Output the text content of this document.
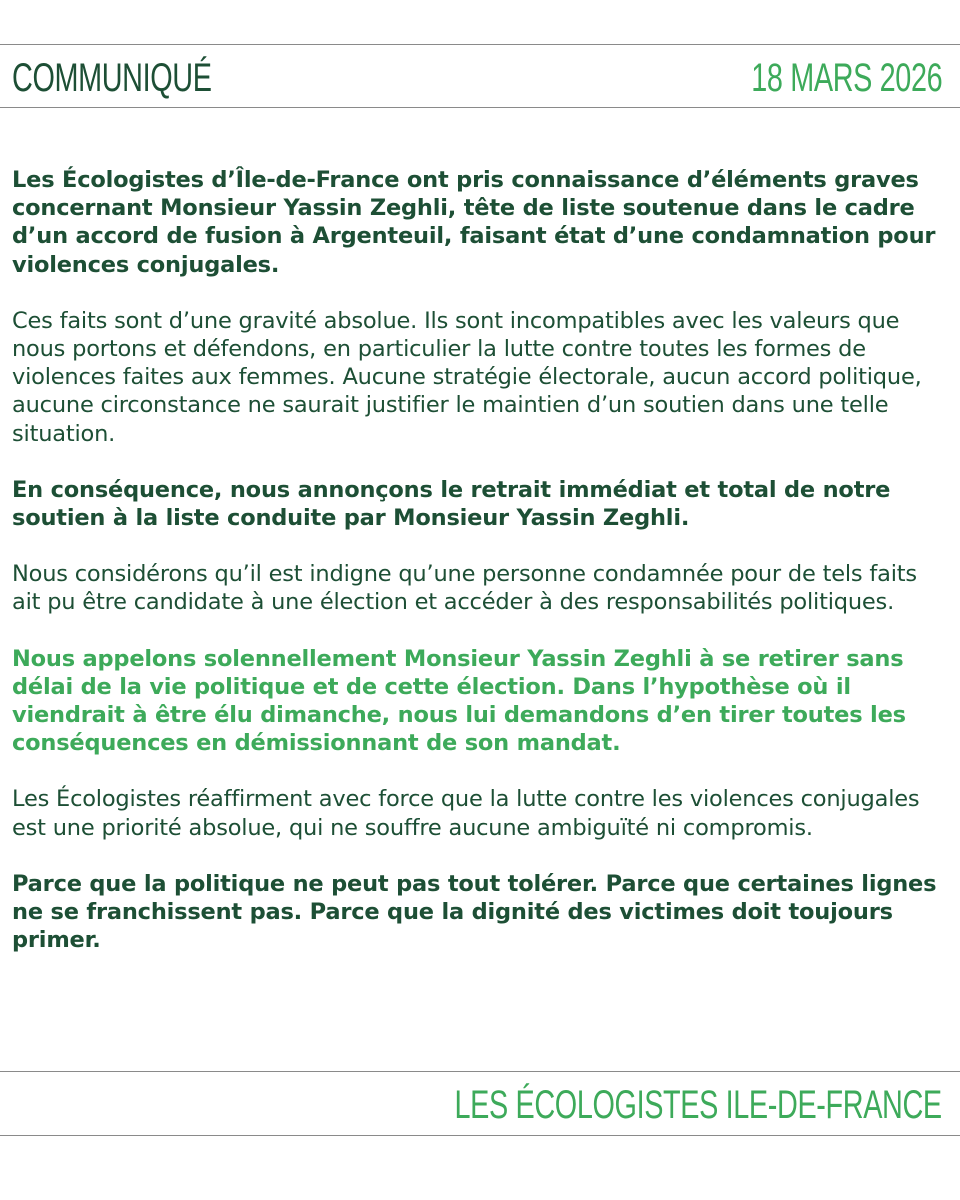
COMMUNIQUÉ	18 MARS 2026

Les Écologistes d’Île-de-France ont pris connaissance d’éléments graves concernant Monsieur Yassin Zeghli, tête de liste soutenue dans le cadre d’un accord de fusion à Argenteuil, faisant état d’une condamnation pour violences conjugales.

Ces faits sont d’une gravité absolue. Ils sont incompatibles avec les valeurs que nous portons et défendons, en particulier la lutte contre toutes les formes de violences faites aux femmes. Aucune stratégie électorale, aucun accord politique, aucune circonstance ne saurait justifier le maintien d’un soutien dans une telle situation.

En conséquence, nous annonçons le retrait immédiat et total de notre soutien à la liste conduite par Monsieur Yassin Zeghli.

Nous considérons qu’il est indigne qu’une personne condamnée pour de tels faits ait pu être candidate à une élection et accéder à des responsabilités politiques.

Nous appelons solennellement Monsieur Yassin Zeghli à se retirer sans délai de la vie politique et de cette élection. Dans l’hypothèse où il viendrait à être élu dimanche, nous lui demandons d’en tirer toutes les conséquences en démissionnant de son mandat.

Les Écologistes réaffirment avec force que la lutte contre les violences conjugales est une priorité absolue, qui ne souffre aucune ambiguïté ni compromis.

Parce que la politique ne peut pas tout tolérer. Parce que certaines lignes ne se franchissent pas. Parce que la dignité des victimes doit toujours primer.

LES ÉCOLOGISTES ILE-DE-FRANCE
